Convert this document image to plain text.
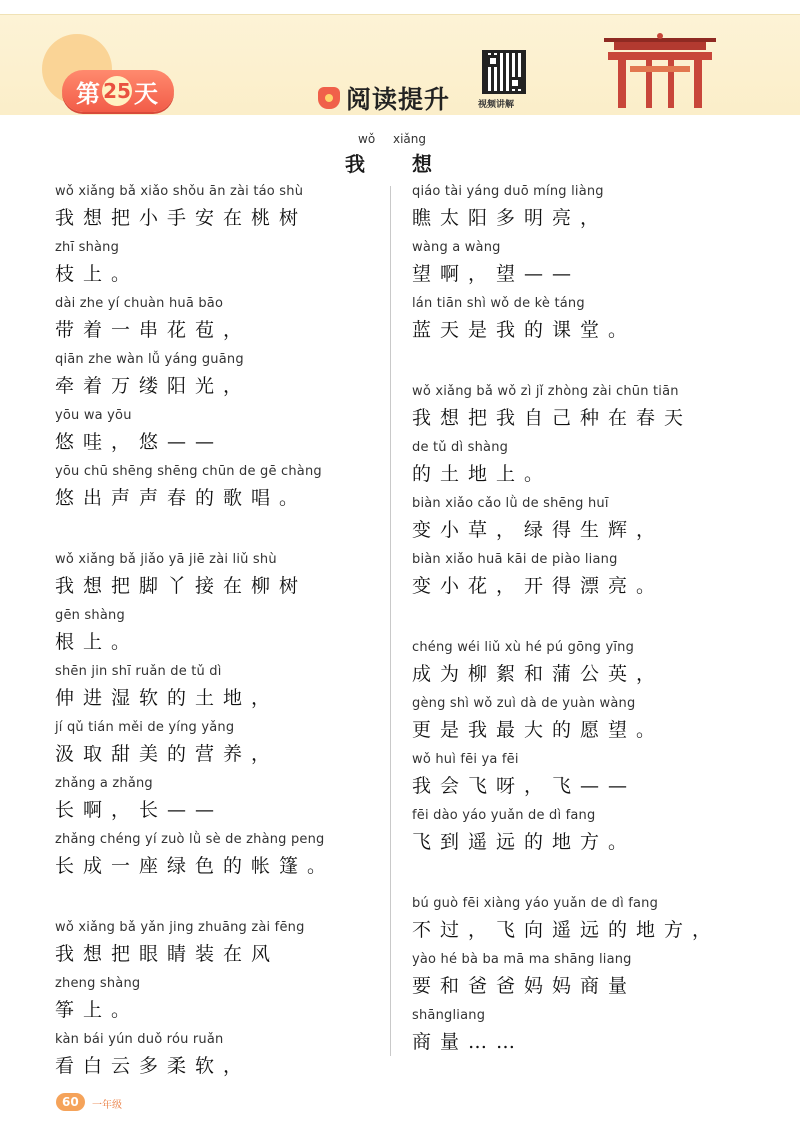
第 25 天	阅读提升	视频讲解
wǒ xiǎng
我 想
wǒ xiǎng bǎ xiǎo shǒu ān zài táo shù
我想把小手安在桃树
zhī shàng
枝上。
dài zhe yí chuàn huā bāo
带着一串花苞，
qiān zhe wàn lǚ yáng guāng
牵着万缕阳光，
yōu wa yōu
悠哇，悠——
yōu chū shēng shēng chūn de gē chàng
悠出声声春的歌唱。
wǒ xiǎng bǎ jiǎo yā jiē zài liǔ shù
我想把脚丫接在柳树
gēn shàng
根上。
shēn jin shī ruǎn de tǔ dì
伸进湿软的土地，
jí qǔ tián měi de yíng yǎng
汲取甜美的营养，
zhǎng a zhǎng
长啊，长——
zhǎng chéng yí zuò lǜ sè de zhàng peng
长成一座绿色的帐篷。
wǒ xiǎng bǎ yǎn jing zhuāng zài fēng
我想把眼睛装在风
zheng shàng
筝上。
kàn bái yún duǒ róu ruǎn
看白云多柔软，
qiáo tài yáng duō míng liàng
瞧太阳多明亮，
wàng a wàng
望啊，望——
lán tiān shì wǒ de kè táng
蓝天是我的课堂。
wǒ xiǎng bǎ wǒ zì jǐ zhòng zài chūn tiān
我想把我自己种在春天
de tǔ dì shàng
的土地上。
biàn xiǎo cǎo lǜ de shēng huī
变小草，绿得生辉，
biàn xiǎo huā kāi de piào liang
变小花，开得漂亮。
chéng wéi liǔ xù hé pú gōng yīng
成为柳絮和蒲公英，
gèng shì wǒ zuì dà de yuàn wàng
更是我最大的愿望。
wǒ huì fēi ya fēi
我会飞呀，飞——
fēi dào yáo yuǎn de dì fang
飞到遥远的地方。
bú guò fēi xiàng yáo yuǎn de dì fang
不过，飞向遥远的地方，
yào hé bà ba mā ma shāng liang
要和爸爸妈妈商量
shāngliang
商量……
60	一年级
